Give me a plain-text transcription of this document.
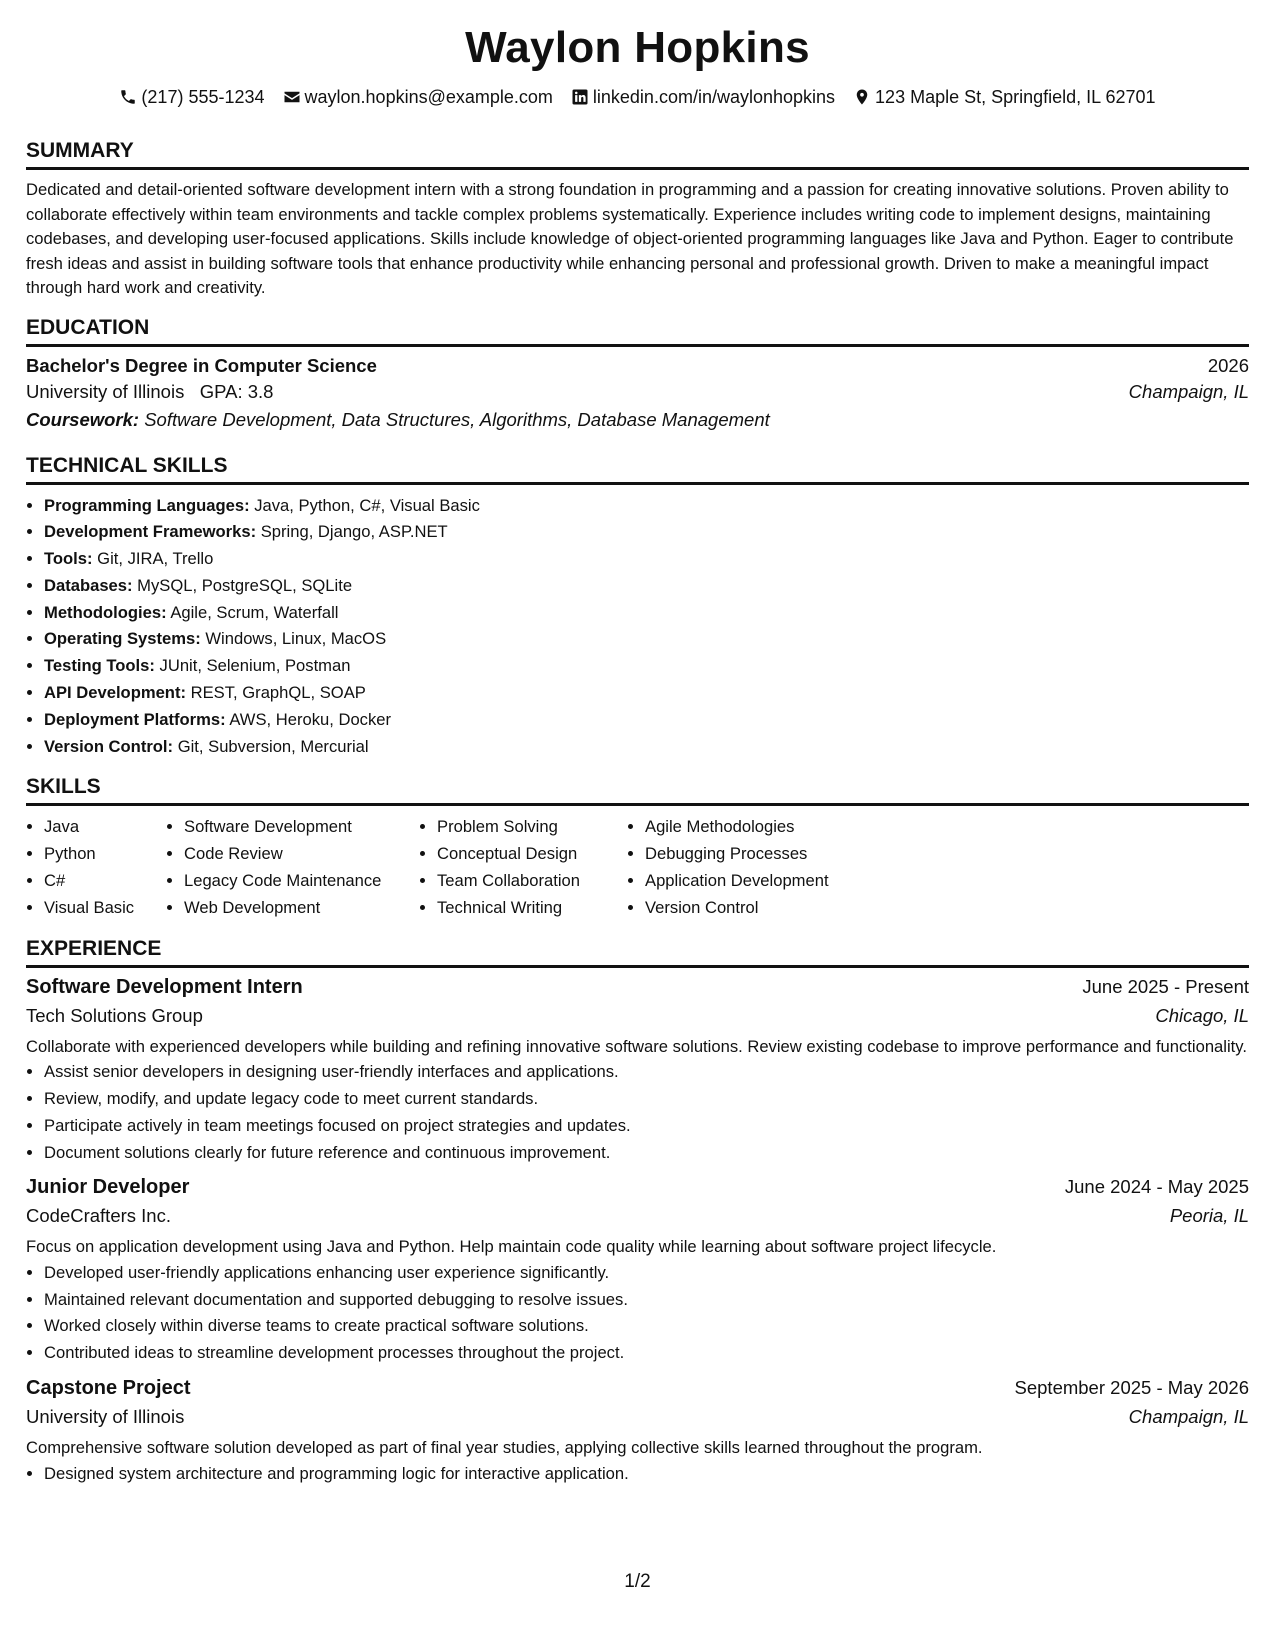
Waylon Hopkins
(217) 555-1234 waylon.hopkins@example.com linkedin.com/in/waylonhopkins 123 Maple St, Springfield, IL 62701
SUMMARY

Dedicated and detail-oriented software development intern with a strong foundation in programming and a passion for creating innovative solutions. Proven ability to collaborate effectively within team environments and tackle complex problems systematically. Experience includes writing code to implement designs, maintaining codebases, and developing user-focused applications. Skills include knowledge of object-oriented programming languages like Java and Python. Eager to contribute fresh ideas and assist in building software tools that enhance productivity while enhancing personal and professional growth. Driven to make a meaningful impact through hard work and creativity.

EDUCATION
Bachelor's Degree in Computer Science	2026
University of Illinois GPA: 3.8	Champaign, IL
Coursework: Software Development, Data Structures, Algorithms, Database Management
TECHNICAL SKILLS
• Programming Languages: Java, Python, C#, Visual Basic
• Development Frameworks: Spring, Django, ASP.NET
• Tools: Git, JIRA, Trello
• Databases: MySQL, PostgreSQL, SQLite
• Methodologies: Agile, Scrum, Waterfall
• Operating Systems: Windows, Linux, MacOS
• Testing Tools: JUnit, Selenium, Postman
• API Development: REST, GraphQL, SOAP
• Deployment Platforms: AWS, Heroku, Docker
• Version Control: Git, Subversion, Mercurial
SKILLS
• Java
• Python
• C#
• Visual Basic
• Software Development
• Code Review
• Legacy Code Maintenance
• Web Development
• Problem Solving
• Conceptual Design
• Team Collaboration
• Technical Writing
• Agile Methodologies
• Debugging Processes
• Application Development
• Version Control
EXPERIENCE
Software Development Intern	June 2025 - Present
Tech Solutions Group	Chicago, IL

Collaborate with experienced developers while building and refining innovative software solutions. Review existing codebase to improve performance and functionality.

• Assist senior developers in designing user-friendly interfaces and applications.
• Review, modify, and update legacy code to meet current standards.
• Participate actively in team meetings focused on project strategies and updates.
• Document solutions clearly for future reference and continuous improvement.
Junior Developer	June 2024 - May 2025
CodeCrafters Inc.	Peoria, IL

Focus on application development using Java and Python. Help maintain code quality while learning about software project lifecycle.

• Developed user-friendly applications enhancing user experience significantly.
• Maintained relevant documentation and supported debugging to resolve issues.
• Worked closely within diverse teams to create practical software solutions.
• Contributed ideas to streamline development processes throughout the project.
Capstone Project	September 2025 - May 2026
University of Illinois	Champaign, IL

Comprehensive software solution developed as part of final year studies, applying collective skills learned throughout the program.

• Designed system architecture and programming logic for interactive application.
1/2
